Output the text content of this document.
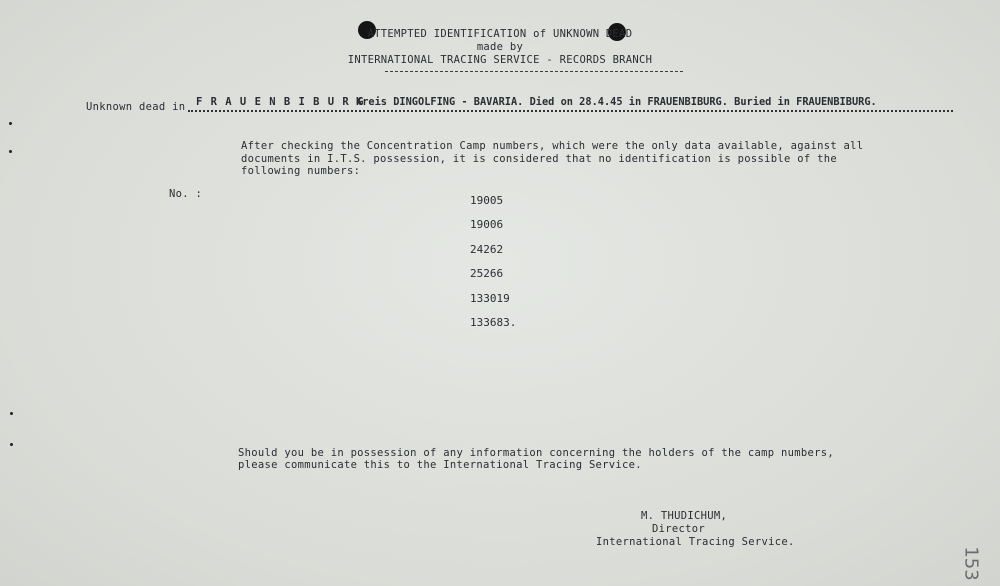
ATTEMPTED IDENTIFICATION of UNKNOWN DEAD
made by
INTERNATIONAL TRACING SERVICE - RECORDS BRANCH
Unknown dead in F R A U E N B I B U R G
Kreis DINGOLFING - BAVARIA. Died on 28.4.45 in FRAUENBIBURG. Buried in FRAUENBIBURG.
After checking the Concentration Camp numbers, which were the only data available, against all
documents in I.T.S. possession, it is considered that no identification is possible of the
following numbers:
No. :	19005
19006
24262
25266
133019
133683.
Should you be in possession of any information concerning the holders of the camp numbers,
please communicate this to the International Tracing Service.
M. THUDICHUM,
Director
International Tracing Service.
153
